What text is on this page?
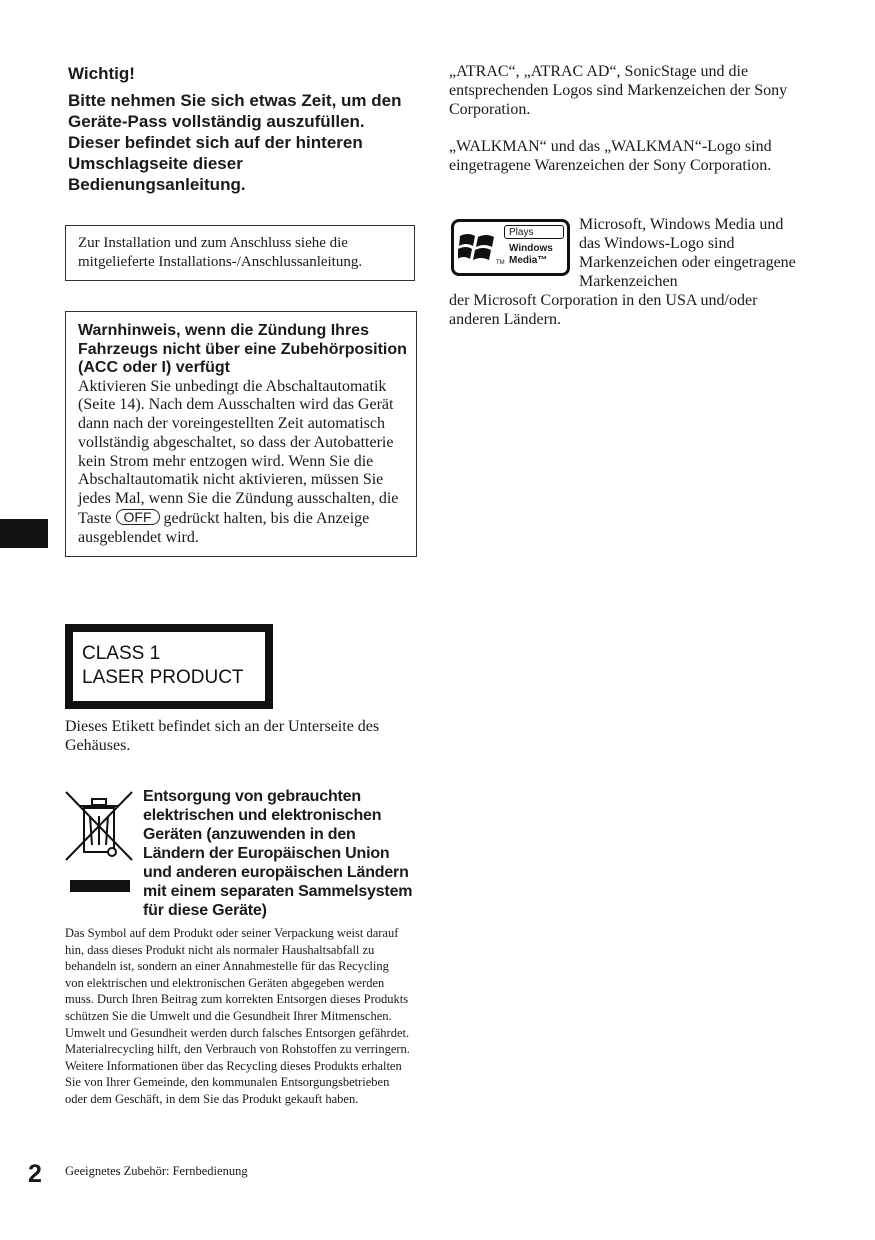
Wichtig!
Bitte nehmen Sie sich etwas Zeit, um den Geräte-Pass vollständig auszufüllen. Dieser befindet sich auf der hinteren Umschlagseite dieser Bedienungsanleitung.
Zur Installation und zum Anschluss siehe die mitgelieferte Installations-/Anschlussanleitung.
Warnhinweis, wenn die Zündung Ihres Fahrzeugs nicht über eine Zubehörposition (ACC oder I) verfügt
Aktivieren Sie unbedingt die Abschaltautomatik (Seite 14). Nach dem Ausschalten wird das Gerät dann nach der voreingestellten Zeit automatisch vollständig abgeschaltet, so dass der Autobatterie kein Strom mehr entzogen wird. Wenn Sie die Abschaltautomatik nicht aktivieren, müssen Sie jedes Mal, wenn Sie die Zündung ausschalten, die Taste OFF gedrückt halten, bis die Anzeige ausgeblendet wird.
CLASS 1
LASER PRODUCT
Dieses Etikett befindet sich an der Unterseite des Gehäuses.
Entsorgung von gebrauchten elektrischen und elektronischen Geräten (anzuwenden in den Ländern der Europäischen Union und anderen europäischen Ländern mit einem separaten Sammelsystem für diese Geräte)
Das Symbol auf dem Produkt oder seiner Verpackung weist darauf hin, dass dieses Produkt nicht als normaler Haushaltsabfall zu behandeln ist, sondern an einer Annahmestelle für das Recycling von elektrischen und elektronischen Geräten abgegeben werden muss. Durch Ihren Beitrag zum korrekten Entsorgen dieses Produkts schützen Sie die Umwelt und die Gesundheit Ihrer Mitmenschen. Umwelt und Gesundheit werden durch falsches Entsorgen gefährdet. Materialrecycling hilft, den Verbrauch von Rohstoffen zu verringern. Weitere Informationen über das Recycling dieses Produkts erhalten Sie von Ihrer Gemeinde, den kommunalen Entsorgungsbetrieben oder dem Geschäft, in dem Sie das Produkt gekauft haben.
2 Geeignetes Zubehör: Fernbedienung
„ATRAC“, „ATRAC AD“, SonicStage und die entsprechenden Logos sind Markenzeichen der Sony Corporation.
„WALKMAN“ und das „WALKMAN“-Logo sind eingetragene Warenzeichen der Sony Corporation.
Plays
Windows
Media™
TM
Microsoft, Windows Media und das Windows-Logo sind Markenzeichen oder eingetragene Markenzeichen
der Microsoft Corporation in den USA und/oder anderen Ländern.
